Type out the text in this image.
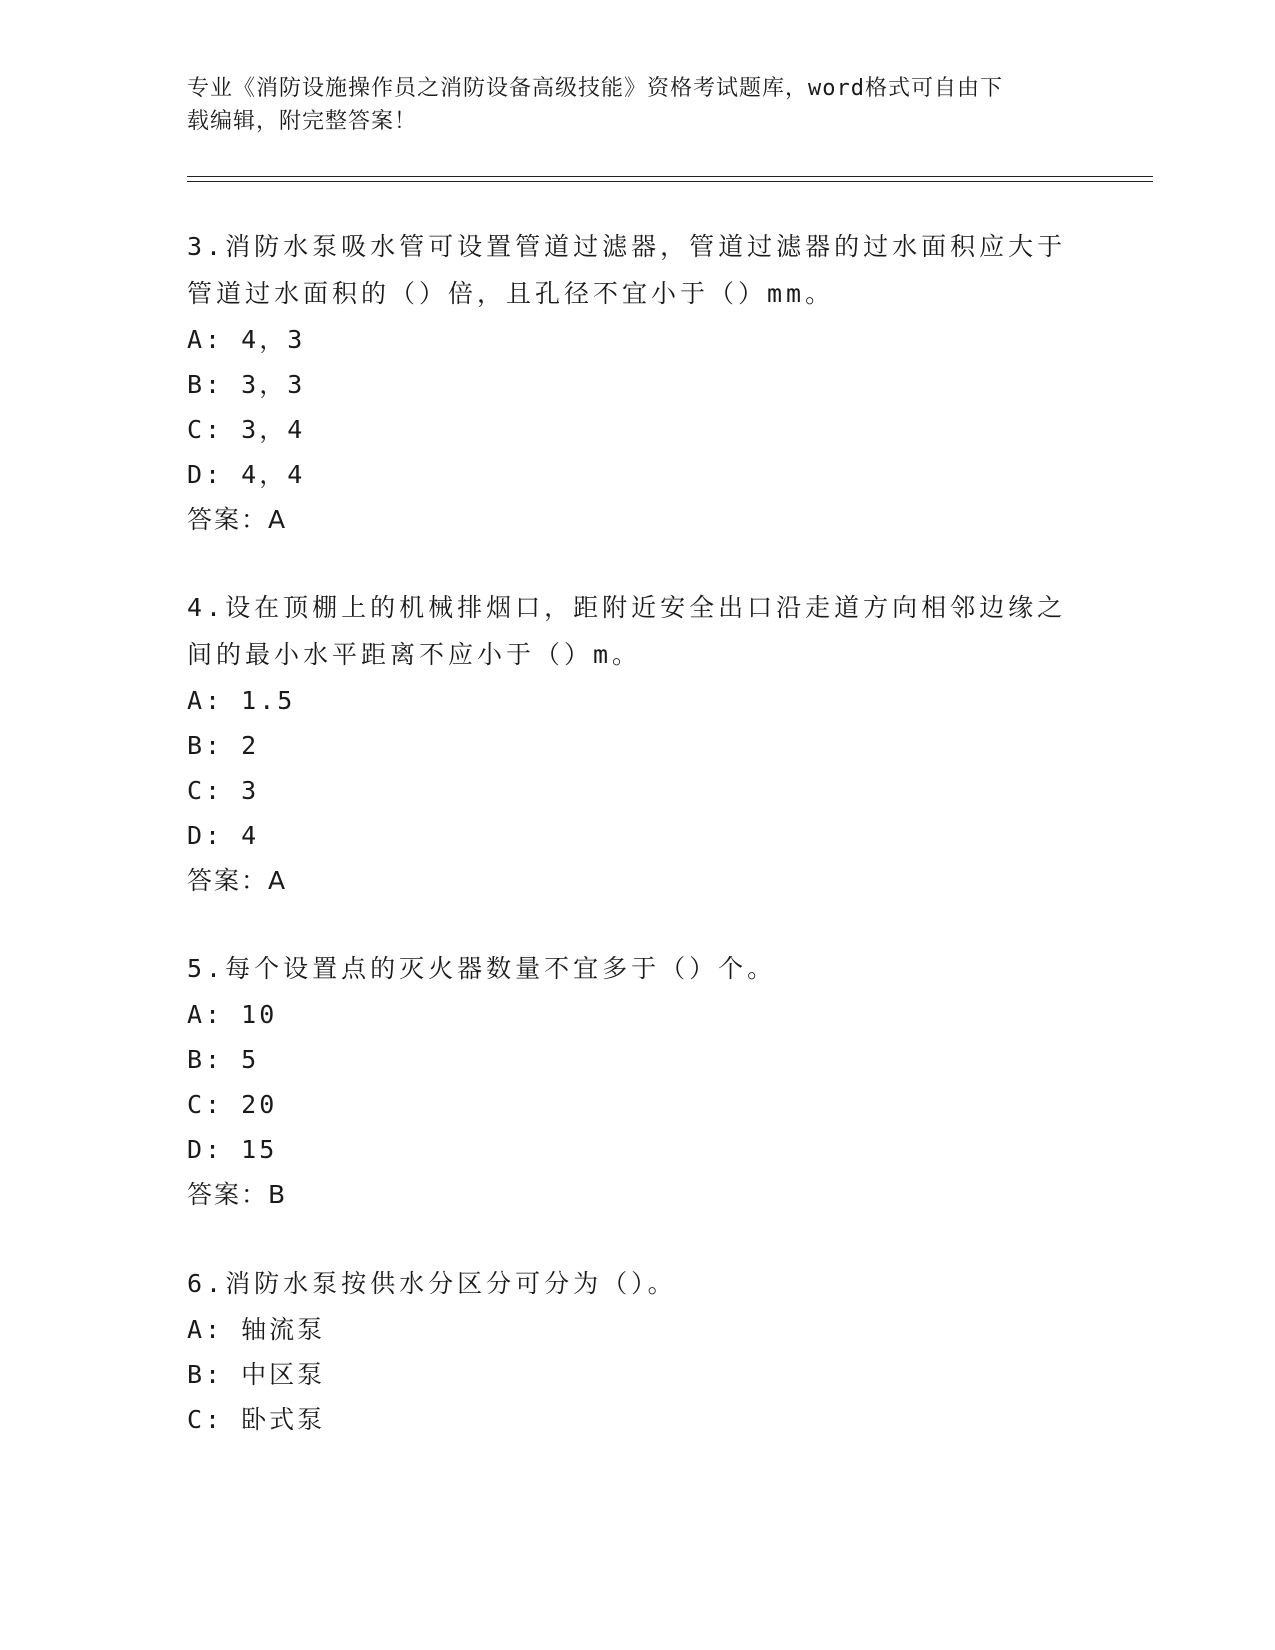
专业《消防设施操作员之消防设备高级技能》资格考试题库，word格式可自由下
载编辑，附完整答案！

3.消防水泵吸水管可设置管道过滤器，管道过滤器的过水面积应大于

管道过水面积的（）倍，且孔径不宜小于（）mm。

A: 4，3

B: 3，3

C: 3，4

D: 4，4

答案：A

4.设在顶棚上的机械排烟口，距附近安全出口沿走道方向相邻边缘之

间的最小水平距离不应小于（）m。

A: 1.5

B: 2

C: 3

D: 4

答案：A

5.每个设置点的灭火器数量不宜多于（）个。

A: 10

B: 5

C: 20

D: 15

答案：B

6.消防水泵按供水分区分可分为（）。

A: 轴流泵

B: 中区泵

C: 卧式泵
